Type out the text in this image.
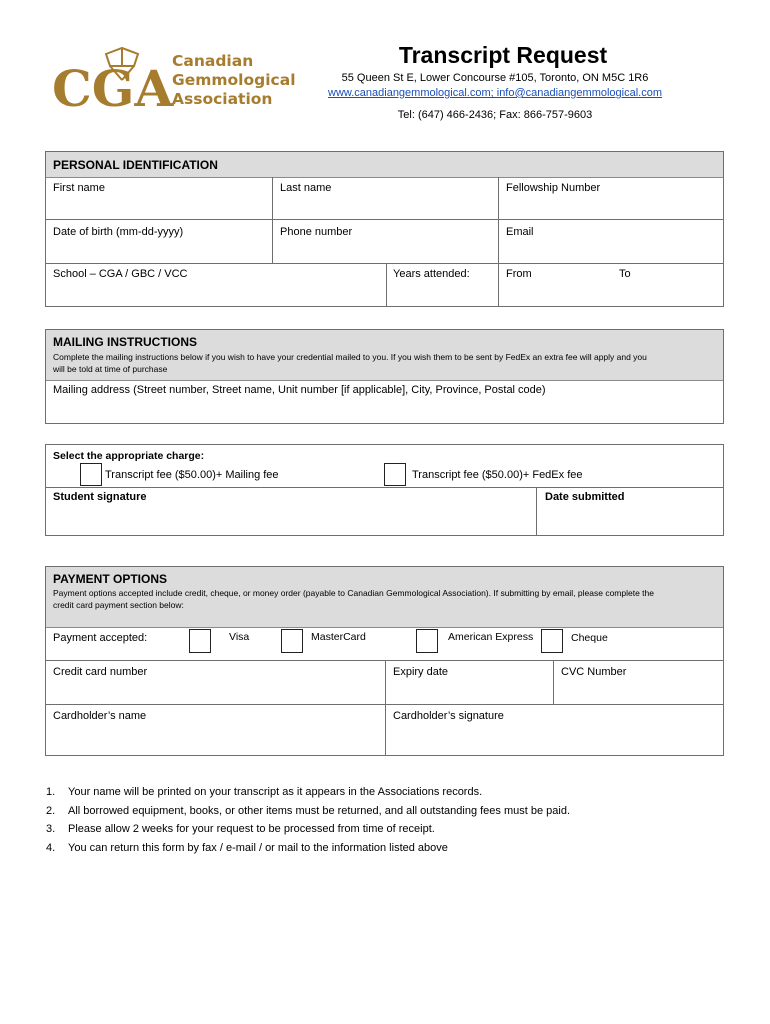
CGA
Canadian
Gemmological
Association
Transcript Request
55 Queen St E, Lower Concourse #105, Toronto, ON M5C 1R6
www.canadiangemmological.com; info@canadiangemmological.com
Tel: (647) 466-2436; Fax: 866-757-9603
PERSONAL IDENTIFICATION
First name	Last name	Fellowship Number
Date of birth (mm-dd-yyyy)	Phone number	Email
School – CGA / GBC / VCC	Years attended:	From	To
MAILING INSTRUCTIONS
Complete the mailing instructions below if you wish to have your credential mailed to you. If you wish them to be sent by FedEx an extra fee will apply and you
will be told at time of purchase
Mailing address (Street number, Street name, Unit number [if applicable], City, Province, Postal code)
Select the appropriate charge:
Transcript fee ($50.00)+ Mailing fee	Transcript fee ($50.00)+ FedEx fee
Student signature	Date submitted
PAYMENT OPTIONS
Payment options accepted include credit, cheque, or money order (payable to Canadian Gemmological Association). If submitting by email, please complete the
credit card payment section below:
Payment accepted:	Visa	MasterCard	American Express	Cheque
Credit card number	Expiry date	CVC Number
Cardholder’s name	Cardholder’s signature
1. Your name will be printed on your transcript as it appears in the Associations records.
2. All borrowed equipment, books, or other items must be returned, and all outstanding fees must be paid.
3. Please allow 2 weeks for your request to be processed from time of receipt.
4. You can return this form by fax / e-mail / or mail to the information listed above
